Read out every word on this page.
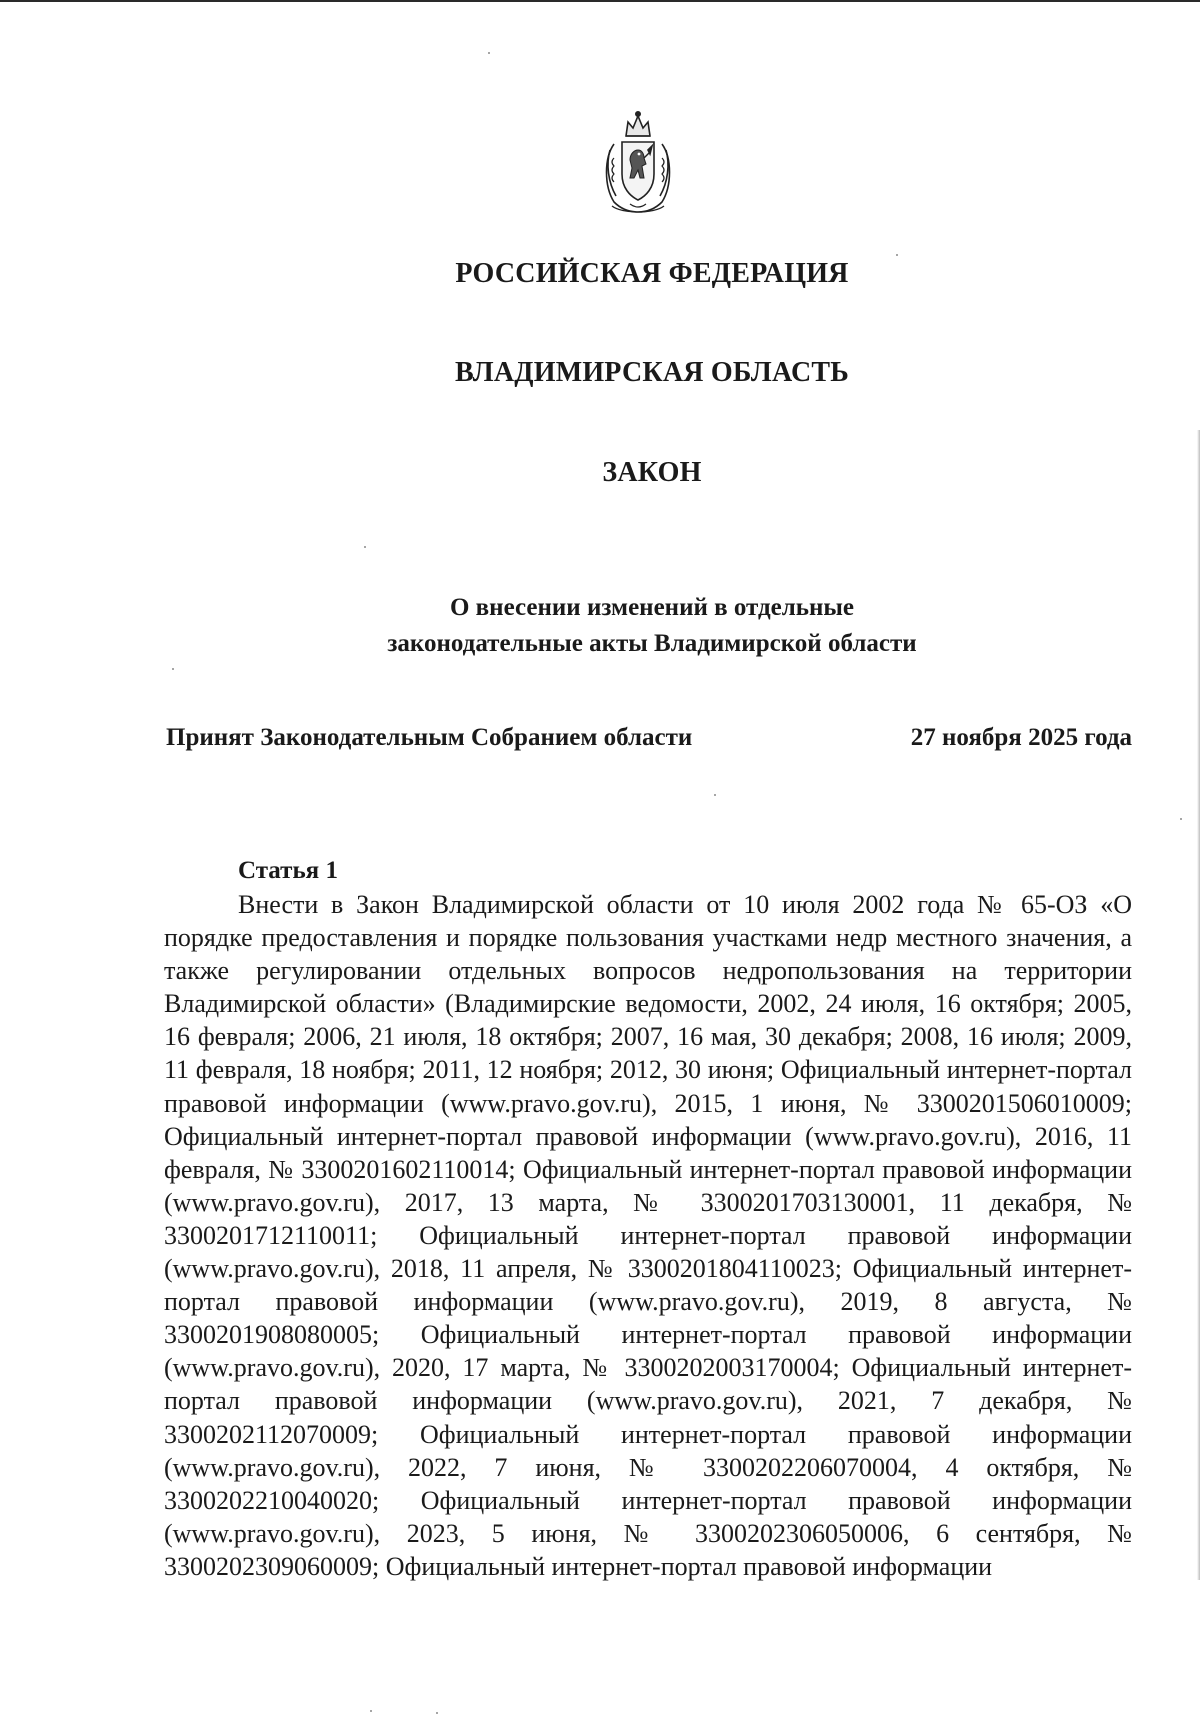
РОССИЙСКАЯ ФЕДЕРАЦИЯ
ВЛАДИМИРСКАЯ ОБЛАСТЬ
ЗАКОН
О внесении изменений в отдельные
законодательные акты Владимирской области
Принят Законодательным Собранием области	27 ноября 2025 года
Статья 1

Внести в Закон Владимирской области от 10 июля 2002 года № 65-ОЗ «О порядке предоставления и порядке пользования участками недр местного значения, а также регулировании отдельных вопросов недропользования на территории Владимирской области» (Владимирские ведомости, 2002, 24 июля, 16 октября; 2005, 16 февраля; 2006, 21 июля, 18 октября; 2007, 16 мая, 30 декабря; 2008, 16 июля; 2009, 11 февраля, 18 ноября; 2011, 12 ноября; 2012, 30 июня; Официальный интернет-портал правовой информации (www.pravo.gov.ru), 2015, 1 июня, № 3300201506010009; Официальный интернет-портал правовой информации (www.pravo.gov.ru), 2016, 11 февраля, № 3300201602110014; Официальный интернет-портал правовой информации (www.pravo.gov.ru), 2017, 13 марта, № 3300201703130001, 11 декабря, № 3300201712110011; Официальный интернет-портал правовой информации (www.pravo.gov.ru), 2018, 11 апреля, № 3300201804110023; Официальный интернет-портал правовой информации (www.pravo.gov.ru), 2019, 8 августа, № 3300201908080005; Официальный интернет-портал правовой информации (www.pravo.gov.ru), 2020, 17 марта, № 3300202003170004; Официальный интернет-портал правовой информации (www.pravo.gov.ru), 2021, 7 декабря, № 3300202112070009; Официальный интернет-портал правовой информации (www.pravo.gov.ru), 2022, 7 июня, № 3300202206070004, 4 октября, № 3300202210040020; Официальный интернет-портал правовой информации (www.pravo.gov.ru), 2023, 5 июня, № 3300202306050006, 6 сентября, № 3300202309060009; Официальный интернет-портал правовой информации
